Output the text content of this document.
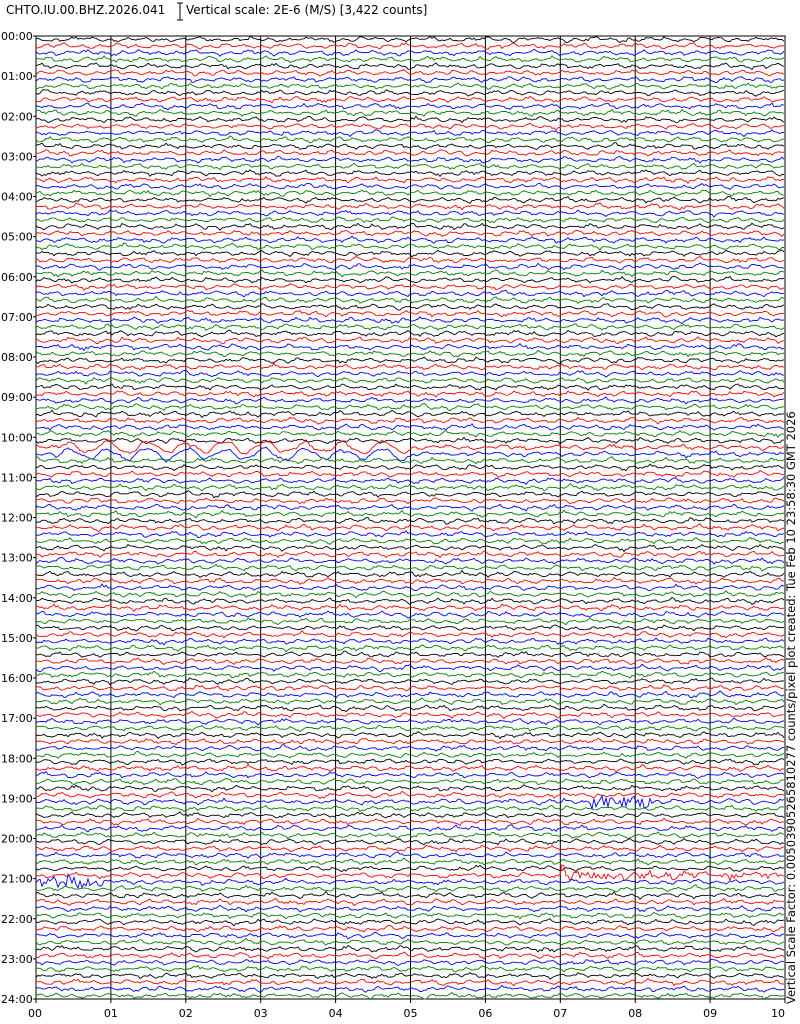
CHTO.IU.00.BHZ.2026.041 Vertical scale: 2E-6 (M/S) [3,422 counts]
00:00
01:00
02:00
03:00
04:00
05:00
06:00
07:00
08:00
09:00
10:00
11:00
12:00
13:00
14:00
15:00
16:00
17:00
18:00
19:00
20:00
21:00
22:00
23:00
24:00
00	01	02	03	04	05	06	07	08	09	10
Vertical Scale Factor: 0.00503905265810277 counts/pixel plot created: Tue Feb 10 23:58:30 GMT 2026
